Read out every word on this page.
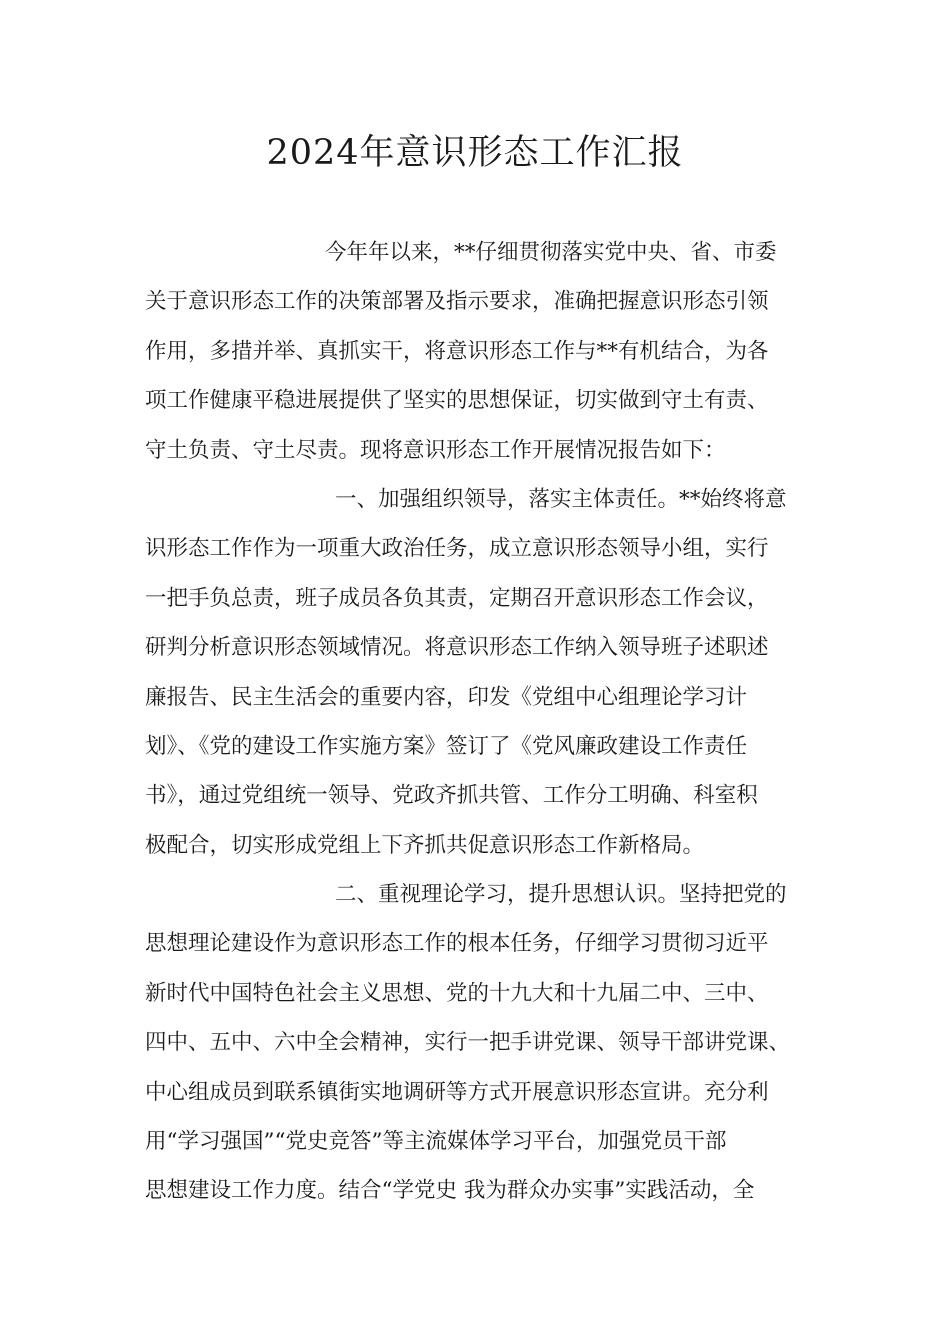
2024年意识形态工作汇报
今年年以来，**仔细贯彻落实党中央、省、市委
关于意识形态工作的决策部署及指示要求，准确把握意识形态引领
作用，多措并举、真抓实干，将意识形态工作与**有机结合，为各
项工作健康平稳进展提供了坚实的思想保证，切实做到守土有责、
守土负责、守土尽责。现将意识形态工作开展情况报告如下：
一、加强组织领导，落实主体责任。**始终将意
识形态工作作为一项重大政治任务，成立意识形态领导小组，实行
一把手负总责，班子成员各负其责，定期召开意识形态工作会议，
研判分析意识形态领域情况。将意识形态工作纳入领导班子述职述
廉报告、民主生活会的重要内容，印发《党组中心组理论学习计
划》、《党的建设工作实施方案》签订了《党风廉政建设工作责任
书》，通过党组统一领导、党政齐抓共管、工作分工明确、科室积
极配合，切实形成党组上下齐抓共促意识形态工作新格局。
二、重视理论学习，提升思想认识。坚持把党的
思想理论建设作为意识形态工作的根本任务，仔细学习贯彻习近平
新时代中国特色社会主义思想、党的十九大和十九届二中、三中、
四中、五中、六中全会精神，实行一把手讲党课、领导干部讲党课、
中心组成员到联系镇街实地调研等方式开展意识形态宣讲。充分利
用“学习强国”“党史竞答”等主流媒体学习平台，加强党员干部
思想建设工作力度。结合“学党史 我为群众办实事”实践活动，全
